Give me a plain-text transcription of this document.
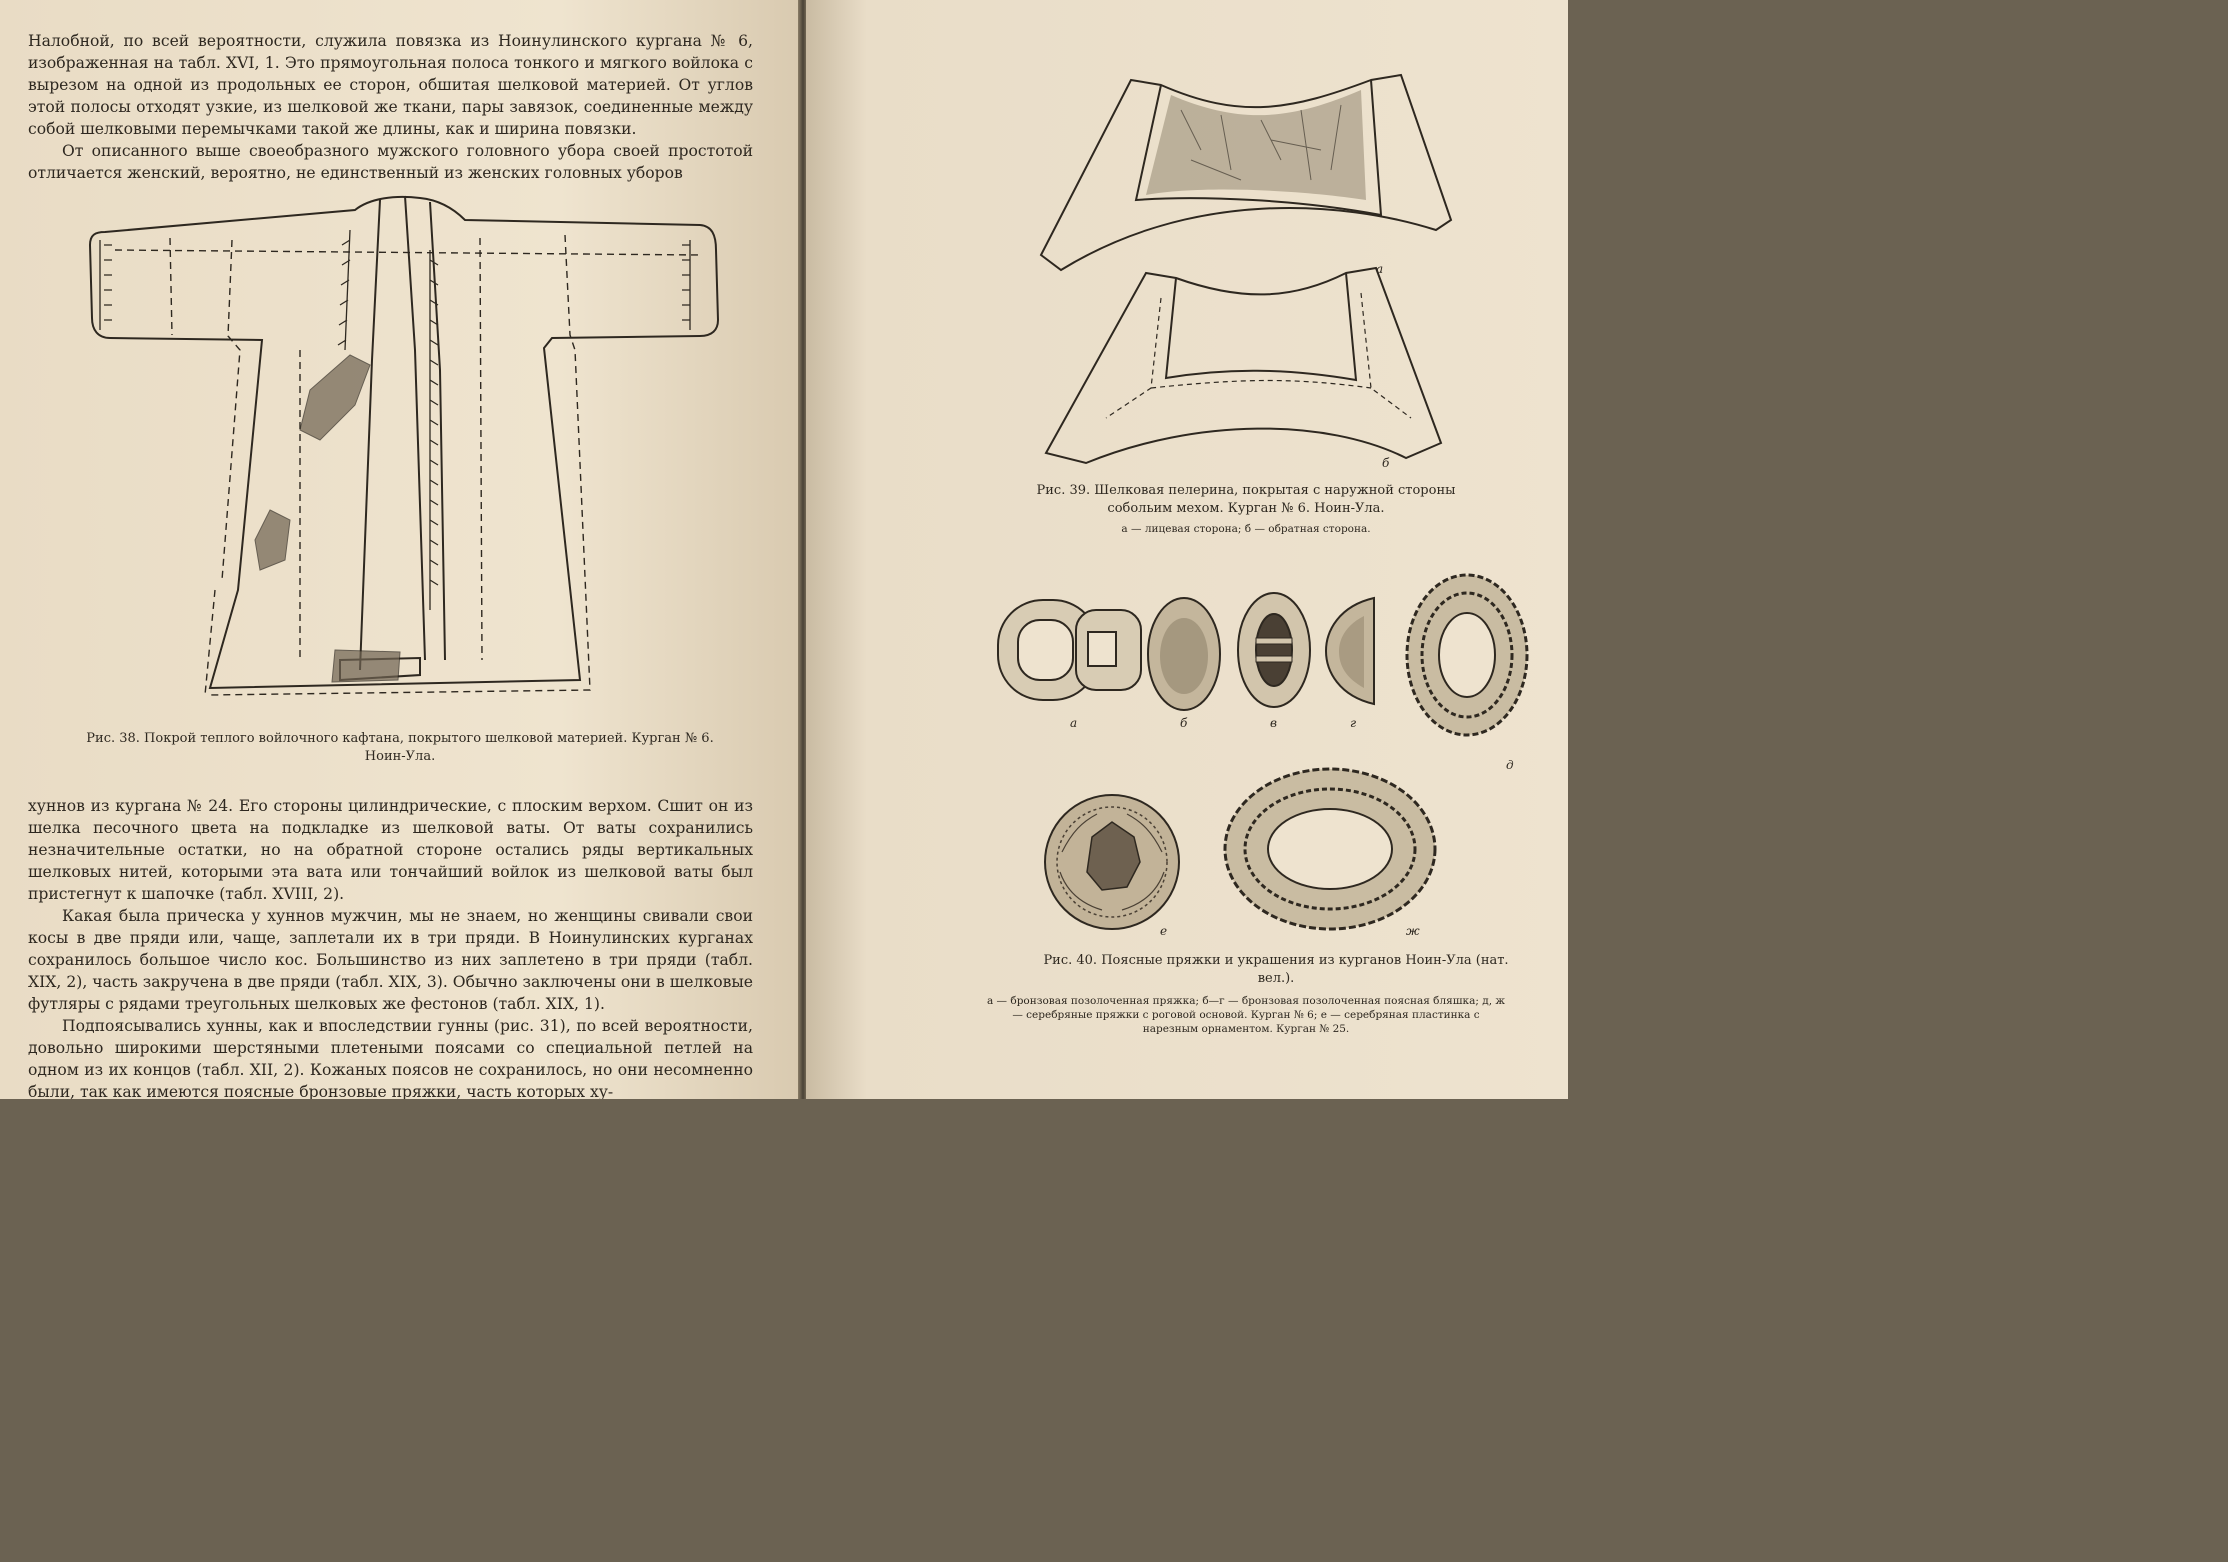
Налобной, по всей вероятности, служила повязка из Ноинулинского кургана № 6, изображенная на табл. XVI, 1. Это прямоугольная полоса тонкого и мягкого войлока с вырезом на одной из продольных ее сторон, обшитая шелковой материей. От углов этой полосы отходят узкие, из шелковой же ткани, пары завязок, соединенные между собой шелковыми перемычками такой же длины, как и ширина повязки.

От описанного выше своеобразного мужского головного убора своей простотой отличается женский, вероятно, не единственный из женских головных уборов

Рис. 38. Покрой теплого войлочного кафтана, покрытого шелковой материей. Курган № 6. Ноин-Ула.

хуннов из кургана № 24. Его стороны цилиндрические, с плоским верхом. Сшит он из шелка песочного цвета на подкладке из шелковой ваты. От ваты сохранились незначительные остатки, но на обратной стороне остались ряды вертикальных шелковых нитей, которыми эта вата или тончайший войлок из шелковой ваты был пристегнут к шапочке (табл. XVIII, 2).

Какая была прическа у хуннов мужчин, мы не знаем, но женщины свивали свои косы в две пряди или, чаще, заплетали их в три пряди. В Ноинулинских курганах сохранилось большое число кос. Большинство из них заплетено в три пряди (табл. XIX, 2), часть закручена в две пряди (табл. XIX, 3). Обычно заключены они в шелковые футляры с рядами треугольных шелковых же фестонов (табл. XIX, 1).

Подпоясывались хунны, как и впоследствии гунны (рис. 31), по всей вероятности, довольно широкими шерстяными плетеными поясами со специальной петлей на одном из их концов (табл. XII, 2). Кожаных поясов не сохранилось, но они несомненно были, так как имеются поясные бронзовые пряжки, часть которых ху-

а
б
Рис. 39. Шелковая пелерина, покрытая с наружной стороны собольим мехом. Курган № 6. Ноин-Ула.
а — лицевая сторона; б — обратная сторона.
а	б	в	г
д
е	ж
Рис. 40. Поясные пряжки и украшения из курганов Ноин-Ула (нат. вел.).
а — бронзовая позолоченная пряжка; б—г — бронзовая позолоченная поясная бляшка; д, ж — серебряные пряжки с роговой основой. Курган № 6; е — серебряная пластинка с нарезным орнаментом. Курган № 25.
